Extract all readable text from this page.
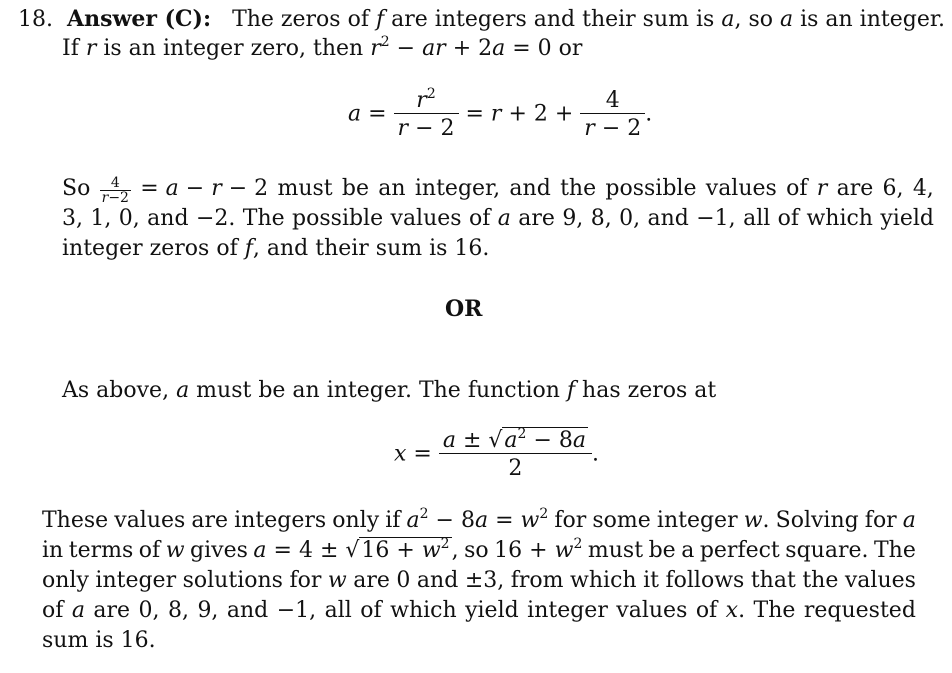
18. Answer (C): The zeros of f are integers and their sum is a, so a is an integer.
If r is an integer zero, then $r^2$ − ar + 2a = 0 or
$a = \frac{r^2}{r - 2} = r + 2 + \frac{4}{r - 2}$ .
So $\frac{4}{r-2} = a - r - 2$ must be an integer, and the possible values of r are 6, 4,
3, 1, 0, and −2. The possible values of a are 9, 8, 0, and −1, all of which yield
integer zeros of f, and their sum is 16.
OR
As above, a must be an integer. The function f has zeros at
$x = \frac{a \pm √a^2 - 8a}{2}$ .
These values are integers only if $a^2 - 8a = w^2$ for some integer w. Solving for a
in terms of w gives $a = 4 \pm √16 + w^2$, so $16 + w^2$ must be a perfect square. The
only integer solutions for w are 0 and ±3, from which it follows that the values
of a are 0, 8, 9, and −1, all of which yield integer values of x. The requested
sum is 16.
